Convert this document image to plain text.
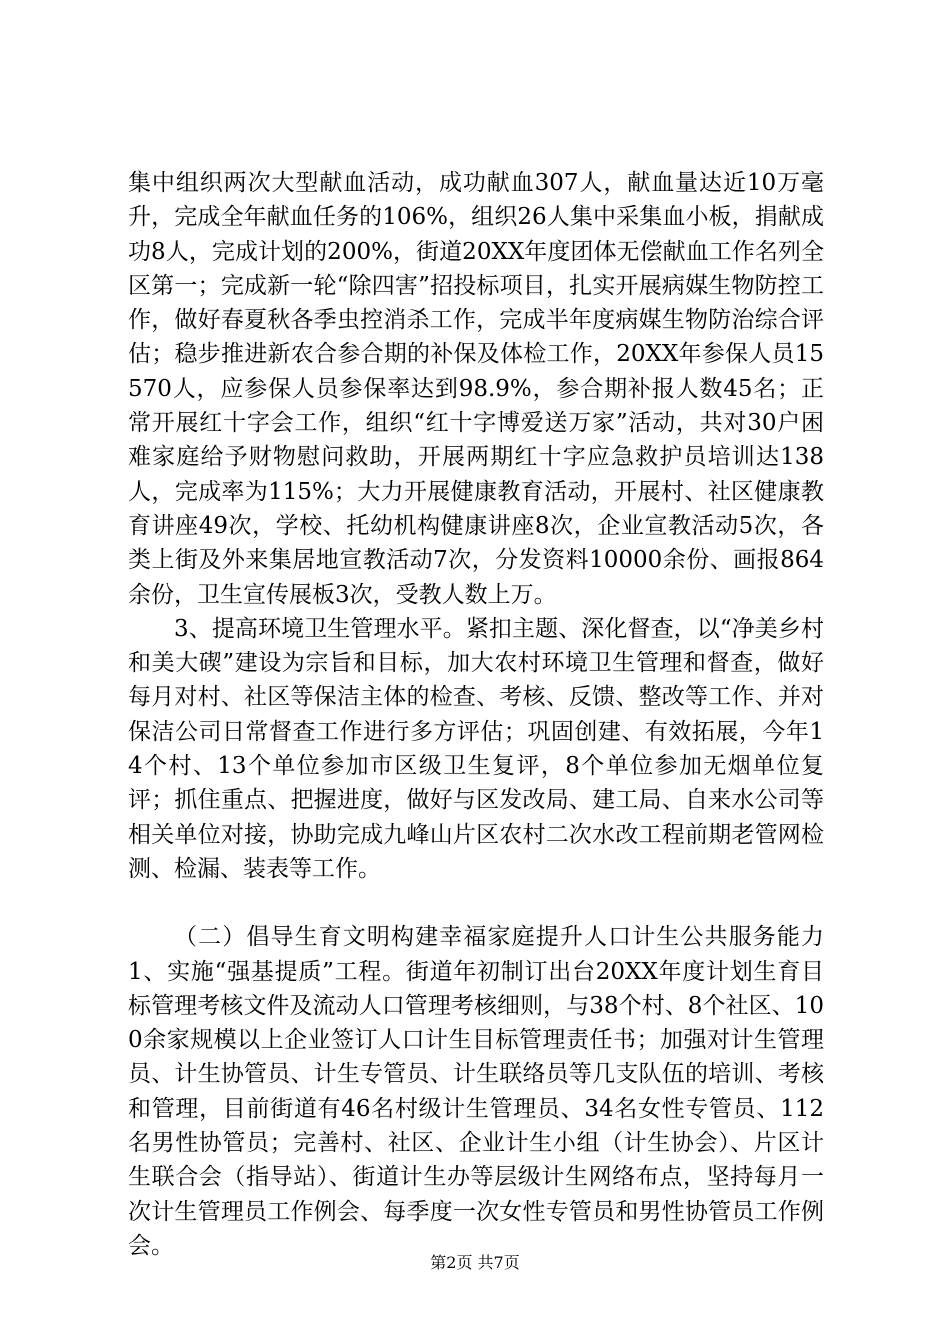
集中组织两次大型献血活动，成功献血307人，献血量达近10万毫升，完成全年献血任务的106%，组织26人集中采集血小板，捐献成功8人，完成计划的200%，街道20XX年度团体无偿献血工作名列全区第一；完成新一轮“除四害”招投标项目，扎实开展病媒生物防控工作，做好春夏秋各季虫控消杀工作，完成半年度病媒生物防治综合评估；稳步推进新农合参合期的补保及体检工作，20XX年参保人员15570人，应参保人员参保率达到98.9%，参合期补报人数45名；正常开展红十字会工作，组织“红十字博爱送万家”活动，共对30户困难家庭给予财物慰问救助，开展两期红十字应急救护员培训达138人，完成率为115%；大力开展健康教育活动，开展村、社区健康教育讲座49次，学校、托幼机构健康讲座8次，企业宣教活动5次，各类上街及外来集居地宣教活动7次，分发资料10000余份、画报864余份，卫生宣传展板3次，受教人数上万。

3、提高环境卫生管理水平。紧扣主题、深化督查，以“净美乡村和美大碶”建设为宗旨和目标，加大农村环境卫生管理和督查，做好每月对村、社区等保洁主体的检查、考核、反馈、整改等工作、并对保洁公司日常督查工作进行多方评估；巩固创建、有效拓展，今年14个村、13个单位参加市区级卫生复评，8个单位参加无烟单位复评；抓住重点、把握进度，做好与区发改局、建工局、自来水公司等相关单位对接，协助完成九峰山片区农村二次水改工程前期老管网检测、检漏、装表等工作。

（二）倡导生育文明构建幸福家庭提升人口计生公共服务能力1、实施“强基提质”工程。街道年初制订出台20XX年度计划生育目标管理考核文件及流动人口管理考核细则，与38个村、8个社区、100余家规模以上企业签订人口计生目标管理责任书；加强对计生管理员、计生协管员、计生专管员、计生联络员等几支队伍的培训、考核和管理，目前街道有46名村级计生管理员、34名女性专管员、112名男性协管员；完善村、社区、企业计生小组（计生协会）、片区计生联合会（指导站）、街道计生办等层级计生网络布点，坚持每月一次计生管理员工作例会、每季度一次女性专管员和男性协管员工作例会。

第2页 共7页
